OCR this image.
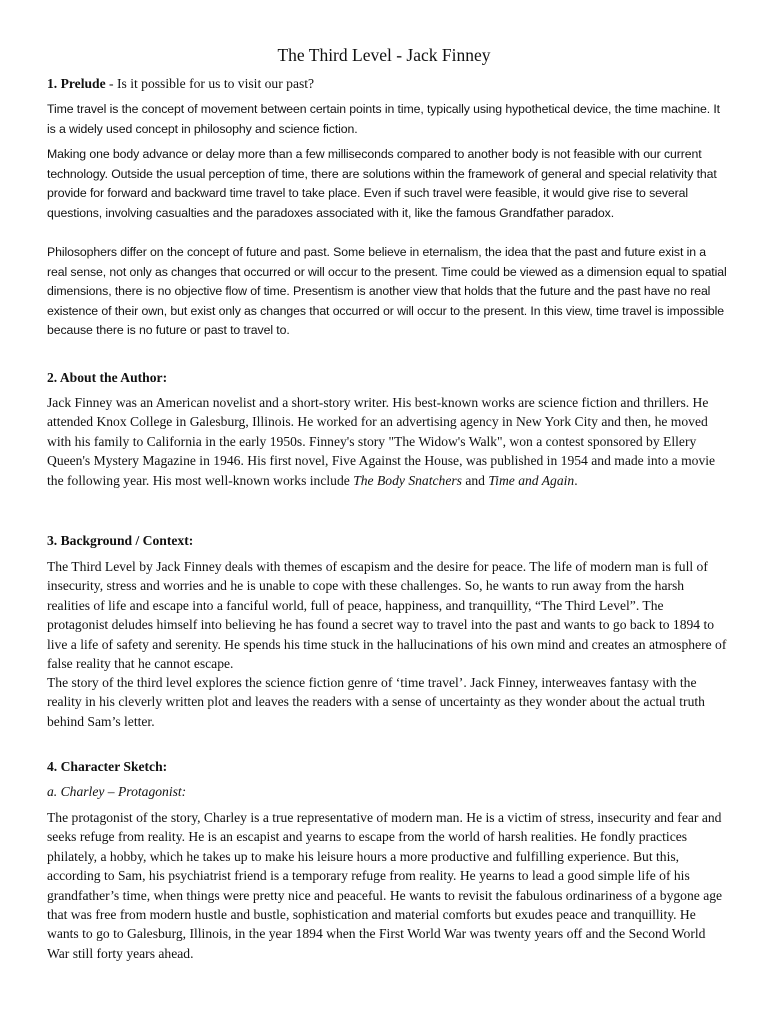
The Third Level - Jack Finney
1. Prelude - Is it possible for us to visit our past?

Time travel is the concept of movement between certain points in time, typically using hypothetical device, the time machine. It is a widely used concept in philosophy and science fiction.

Making one body advance or delay more than a few milliseconds compared to another body is not feasible with our current technology. Outside the usual perception of time, there are solutions within the framework of general and special relativity that provide for forward and backward time travel to take place. Even if such travel were feasible, it would give rise to several questions, involving casualties and the paradoxes associated with it, like the famous Grandfather paradox.

Philosophers differ on the concept of future and past. Some believe in eternalism, the idea that the past and future exist in a real sense, not only as changes that occurred or will occur to the present. Time could be viewed as a dimension equal to spatial dimensions, there is no objective flow of time. Presentism is another view that holds that the future and the past have no real existence of their own, but exist only as changes that occurred or will occur to the present. In this view, time travel is impossible because there is no future or past to travel to.

2. About the Author:

Jack Finney was an American novelist and a short-story writer. His best-known works are science fiction and thrillers. He attended Knox College in Galesburg, Illinois. He worked for an advertising agency in New York City and then, he moved with his family to California in the early 1950s. Finney's story "The Widow's Walk", won a contest sponsored by Ellery Queen's Mystery Magazine in 1946. His first novel, Five Against the House, was published in 1954 and made into a movie the following year. His most well-known works include The Body Snatchers and Time and Again.

3. Background / Context:

The Third Level by Jack Finney deals with themes of escapism and the desire for peace. The life of modern man is full of insecurity, stress and worries and he is unable to cope with these challenges. So, he wants to run away from the harsh realities of life and escape into a fanciful world, full of peace, happiness, and tranquillity, “The Third Level”. The protagonist deludes himself into believing he has found a secret way to travel into the past and wants to go back to 1894 to live a life of safety and serenity. He spends his time stuck in the hallucinations of his own mind and creates an atmosphere of false reality that he cannot escape.

The story of the third level explores the science fiction genre of ‘time travel’. Jack Finney, interweaves fantasy with the reality in his cleverly written plot and leaves the readers with a sense of uncertainty as they wonder about the actual truth behind Sam’s letter.

4. Character Sketch:
a. Charley – Protagonist:

The protagonist of the story, Charley is a true representative of modern man. He is a victim of stress, insecurity and fear and seeks refuge from reality. He is an escapist and yearns to escape from the world of harsh realities. He fondly practices philately, a hobby, which he takes up to make his leisure hours a more productive and fulfilling experience. But this, according to Sam, his psychiatrist friend is a temporary refuge from reality. He yearns to lead a good simple life of his grandfather’s time, when things were pretty nice and peaceful. He wants to revisit the fabulous ordinariness of a bygone age that was free from modern hustle and bustle, sophistication and material comforts but exudes peace and tranquillity. He wants to go to Galesburg, Illinois, in the year 1894 when the First World War was twenty years off and the Second World War still forty years ahead.
